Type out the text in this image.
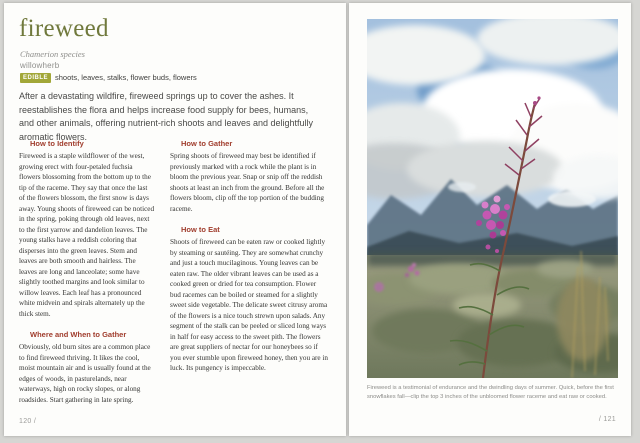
fireweed
Chamerion species
willowherb
EDIBLE shoots, leaves, stalks, flower buds, flowers
After a devastating wildfire, fireweed springs up to cover the ashes. It reestablishes the flora and helps increase food supply for bees, humans, and other animals, offering nutrient-rich shoots and leaves and delightfully aromatic flowers.
How to Identify

Fireweed is a staple wildflower of the west, growing erect with four-petaled fuchsia flowers blossoming from the bottom up to the tip of the raceme. They say that once the last of the flowers blossom, the first snow is days away. Young shoots of fireweed can be noticed in the spring, poking through old leaves, next to the first yarrow and dandelion leaves. The young stalks have a reddish coloring that disperses into the green leaves. Stem and leaves are both smooth and hairless. The leaves are long and lanceolate; some have slightly toothed margins and look similar to willow leaves. Each leaf has a pronounced white midvein and spirals alternately up the thick stem.

Where and When to Gather

Obviously, old burn sites are a common place to find fireweed thriving. It likes the cool, moist mountain air and is usually found at the edges of woods, in pasturelands, near waterways, high on rocky slopes, or along roadsides. Start gathering in late spring.

How to Gather

Spring shoots of fireweed may best be identified if previously marked with a rock while the plant is in bloom the previous year. Snap or snip off the reddish shoots at least an inch from the ground. Before all the flowers bloom, clip off the top portion of the budding raceme.

How to Eat

Shoots of fireweed can be eaten raw or cooked lightly by steaming or sautéing. They are somewhat crunchy and just a touch mucilaginous. Young leaves can be eaten raw. The older vibrant leaves can be used as a cooked green or dried for tea consumption. Flower bud racemes can be boiled or steamed for a slightly sweet side vegetable. The delicate sweet citrusy aroma of the flowers is a nice touch strewn upon salads. Any segment of the stalk can be peeled or sliced long ways in half for easy access to the sweet pith. The flowers are great suppliers of nectar for our honeybees so if you ever stumble upon fireweed honey, then you are in luck. Its pungency is impeccable.

120 /
Fireweed is a testimonial of endurance and the dwindling days of summer. Quick, before the first snowflakes fall—clip the top 3 inches of the unbloomed flower raceme and eat raw or cooked.
/ 121
